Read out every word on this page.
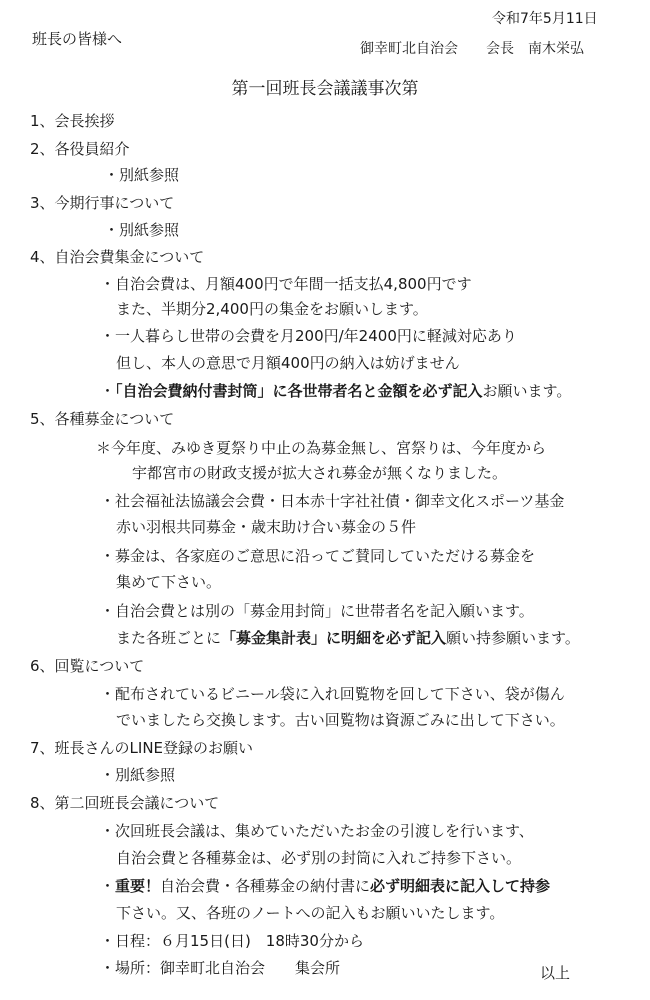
令和7年5月11日
班長の皆様へ
御幸町北自治会　　会長　南木栄弘
第一回班長会議議事次第
1、会長挨拶
2、各役員紹介
・別紙参照
3、今期行事について
・別紙参照
4、自治会費集金について
・自治会費は、月額400円で年間一括支払4,800円です
また、半期分2,400円の集金をお願いします。
・一人暮らし世帯の会費を月200円/年2400円に軽減対応あり
但し、本人の意思で月額400円の納入は妨げません
・「自治会費納付書封筒」に各世帯者名と金額を必ず記入お願います。
5、各種募金について
＊今年度、みゆき夏祭り中止の為募金無し、宮祭りは、今年度から
宇都宮市の財政支援が拡大され募金が無くなりました。
・社会福祉法協議会会費・日本赤十字社社債・御幸文化スポーツ基金
赤い羽根共同募金・歳末助け合い募金の５件
・募金は、各家庭のご意思に沿ってご賛同していただける募金を
集めて下さい。
・自治会費とは別の「募金用封筒」に世帯者名を記入願います。
また各班ごとに「募金集計表」に明細を必ず記入願い持参願います。
6、回覧について
・配布されているビニール袋に入れ回覧物を回して下さい、袋が傷ん
でいましたら交換します。古い回覧物は資源ごみに出して下さい。
7、班長さんのLINE登録のお願い
・別紙参照
8、第二回班長会議について
・次回班長会議は、集めていただいたお金の引渡しを行います、
自治会費と各種募金は、必ず別の封筒に入れご持参下さい。
・重要！自治会費・各種募金の納付書に必ず明細表に記入して持参
下さい。又、各班のノートへの記入もお願いいたします。
・日程：６月15日(日)　18時30分から
・場所：御幸町北自治会　　集会所	以上
